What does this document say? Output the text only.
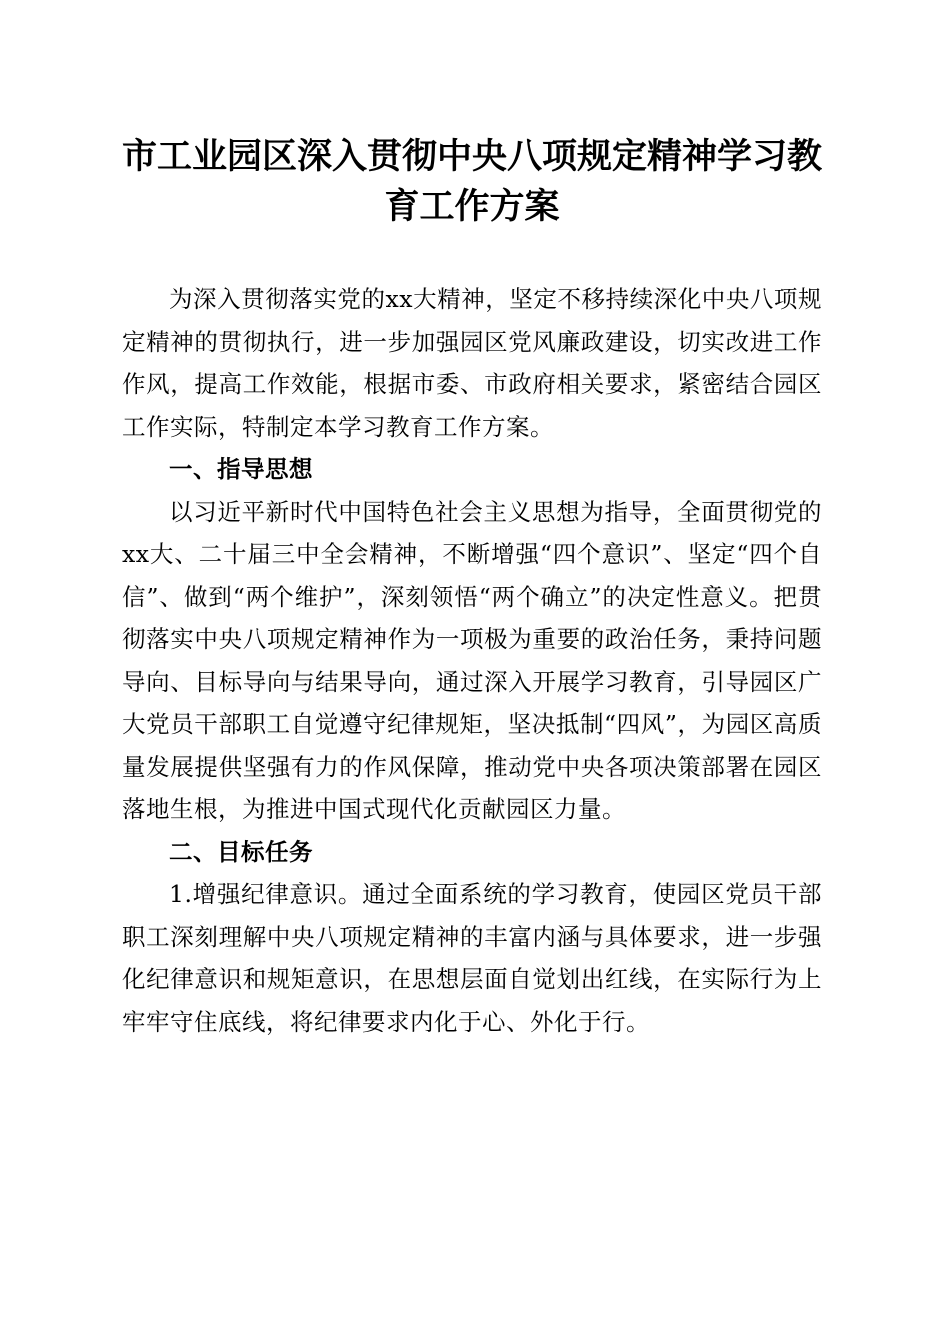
市工业园区深入贯彻中央八项规定精神学习教
育工作方案

为深入贯彻落实党的xx大精神，坚定不移持续深化中央八项规定精神的贯彻执行，进一步加强园区党风廉政建设，切实改进工作作风，提高工作效能，根据市委、市政府相关要求，紧密结合园区工作实际，特制定本学习教育工作方案。

一、指导思想

以习近平新时代中国特色社会主义思想为指导，全面贯彻党的xx大、二十届三中全会精神，不断增强“四个意识”、坚定“四个自信”、做到“两个维护”，深刻领悟“两个确立”的决定性意义。把贯彻落实中央八项规定精神作为一项极为重要的政治任务，秉持问题导向、目标导向与结果导向，通过深入开展学习教育，引导园区广大党员干部职工自觉遵守纪律规矩，坚决抵制“四风”，为园区高质量发展提供坚强有力的作风保障，推动党中央各项决策部署在园区落地生根，为推进中国式现代化贡献园区力量。

二、目标任务

1.增强纪律意识。通过全面系统的学习教育，使园区党员干部职工深刻理解中央八项规定精神的丰富内涵与具体要求，进一步强化纪律意识和规矩意识，在思想层面自觉划出红线，在实际行为上牢牢守住底线，将纪律要求内化于心、外化于行。
